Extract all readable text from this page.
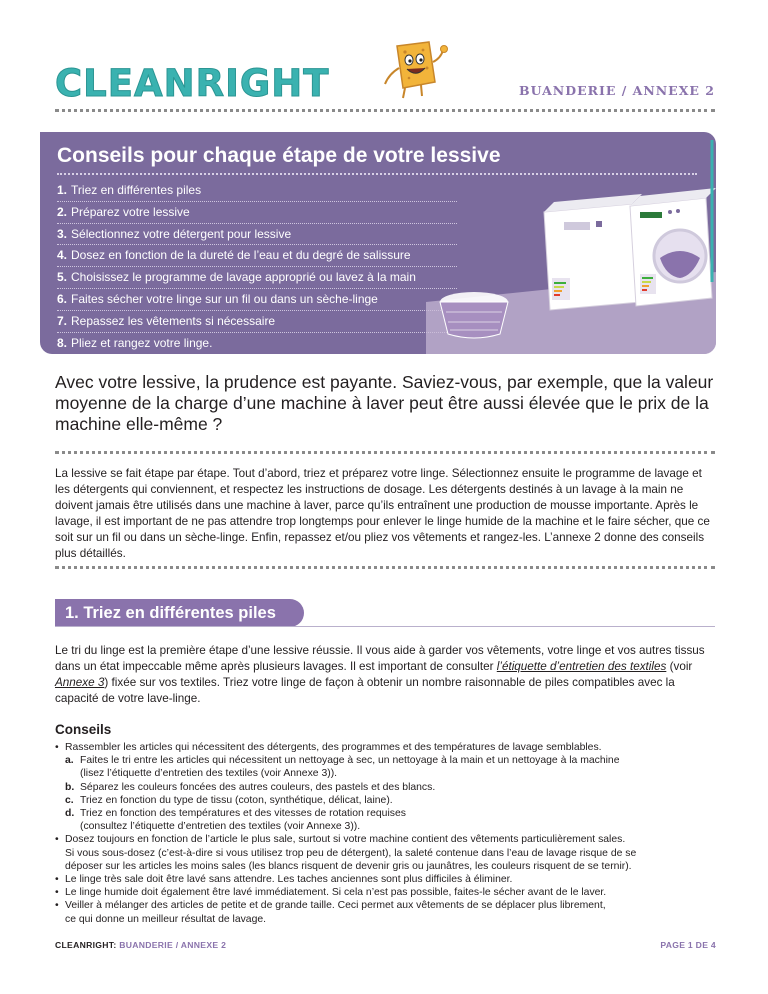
CLEANRIGHT	BUANDERIE / ANNEXE 2
Conseils pour chaque étape de votre lessive
1. Triez en différentes piles
2. Préparez votre lessive
3. Sélectionnez votre détergent pour lessive
4. Dosez en fonction de la dureté de l’eau et du degré de salissure
5. Choisissez le programme de lavage approprié ou lavez à la main
6. Faites sécher votre linge sur un fil ou dans un sèche-linge
7. Repassez les vêtements si nécessaire
8. Pliez et rangez votre linge.
Avec votre lessive, la prudence est payante. Saviez-vous, par exemple, que la valeur moyenne de la charge d’une machine à laver peut être aussi élevée que le prix de la machine elle-même ?
La lessive se fait étape par étape. Tout d’abord, triez et préparez votre linge. Sélectionnez ensuite le programme de lavage et les détergents qui conviennent, et respectez les instructions de dosage. Les détergents destinés à un lavage à la main ne doivent jamais être utilisés dans une machine à laver, parce qu’ils entraînent une production de mousse importante. Après le lavage, il est important de ne pas attendre trop longtemps pour enlever le linge humide de la machine et le faire sécher, que ce soit sur un fil ou dans un sèche-linge. Enfin, repassez et/ou pliez vos vêtements et rangez-les. L’annexe 2 donne des conseils plus détaillés.
1. Triez en différentes piles
Le tri du linge est la première étape d’une lessive réussie. Il vous aide à garder vos vêtements, votre linge et vos autres tissus dans un état impeccable même après plusieurs lavages. Il est important de consulter l’étiquette d’entretien des textiles (voir Annexe 3) fixée sur vos textiles. Triez votre linge de façon à obtenir un nombre raisonnable de piles compatibles avec la capacité de votre lave-linge.
Conseils
• Rassembler les articles qui nécessitent des détergents, des programmes et des températures de lavage semblables.
a. Faites le tri entre les articles qui nécessitent un nettoyage à sec, un nettoyage à la main et un nettoyage à la machine
(lisez l’étiquette d’entretien des textiles (voir Annexe 3)).
b. Séparez les couleurs foncées des autres couleurs, des pastels et des blancs.
c. Triez en fonction du type de tissu (coton, synthétique, délicat, laine).
d. Triez en fonction des températures et des vitesses de rotation requises
(consultez l’étiquette d’entretien des textiles (voir Annexe 3)).
• Dosez toujours en fonction de l’article le plus sale, surtout si votre machine contient des vêtements particulièrement sales.
Si vous sous-dosez (c’est-à-dire si vous utilisez trop peu de détergent), la saleté contenue dans l’eau de lavage risque de se
déposer sur les articles les moins sales (les blancs risquent de devenir gris ou jaunâtres, les couleurs risquent de se ternir).
• Le linge très sale doit être lavé sans attendre. Les taches anciennes sont plus difficiles à éliminer.
• Le linge humide doit également être lavé immédiatement. Si cela n’est pas possible, faites-le sécher avant de le laver.
• Veiller à mélanger des articles de petite et de grande taille. Ceci permet aux vêtements de se déplacer plus librement,
ce qui donne un meilleur résultat de lavage.
CLEANRIGHT: BUANDERIE / ANNEXE 2	PAGE 1 DE 4
